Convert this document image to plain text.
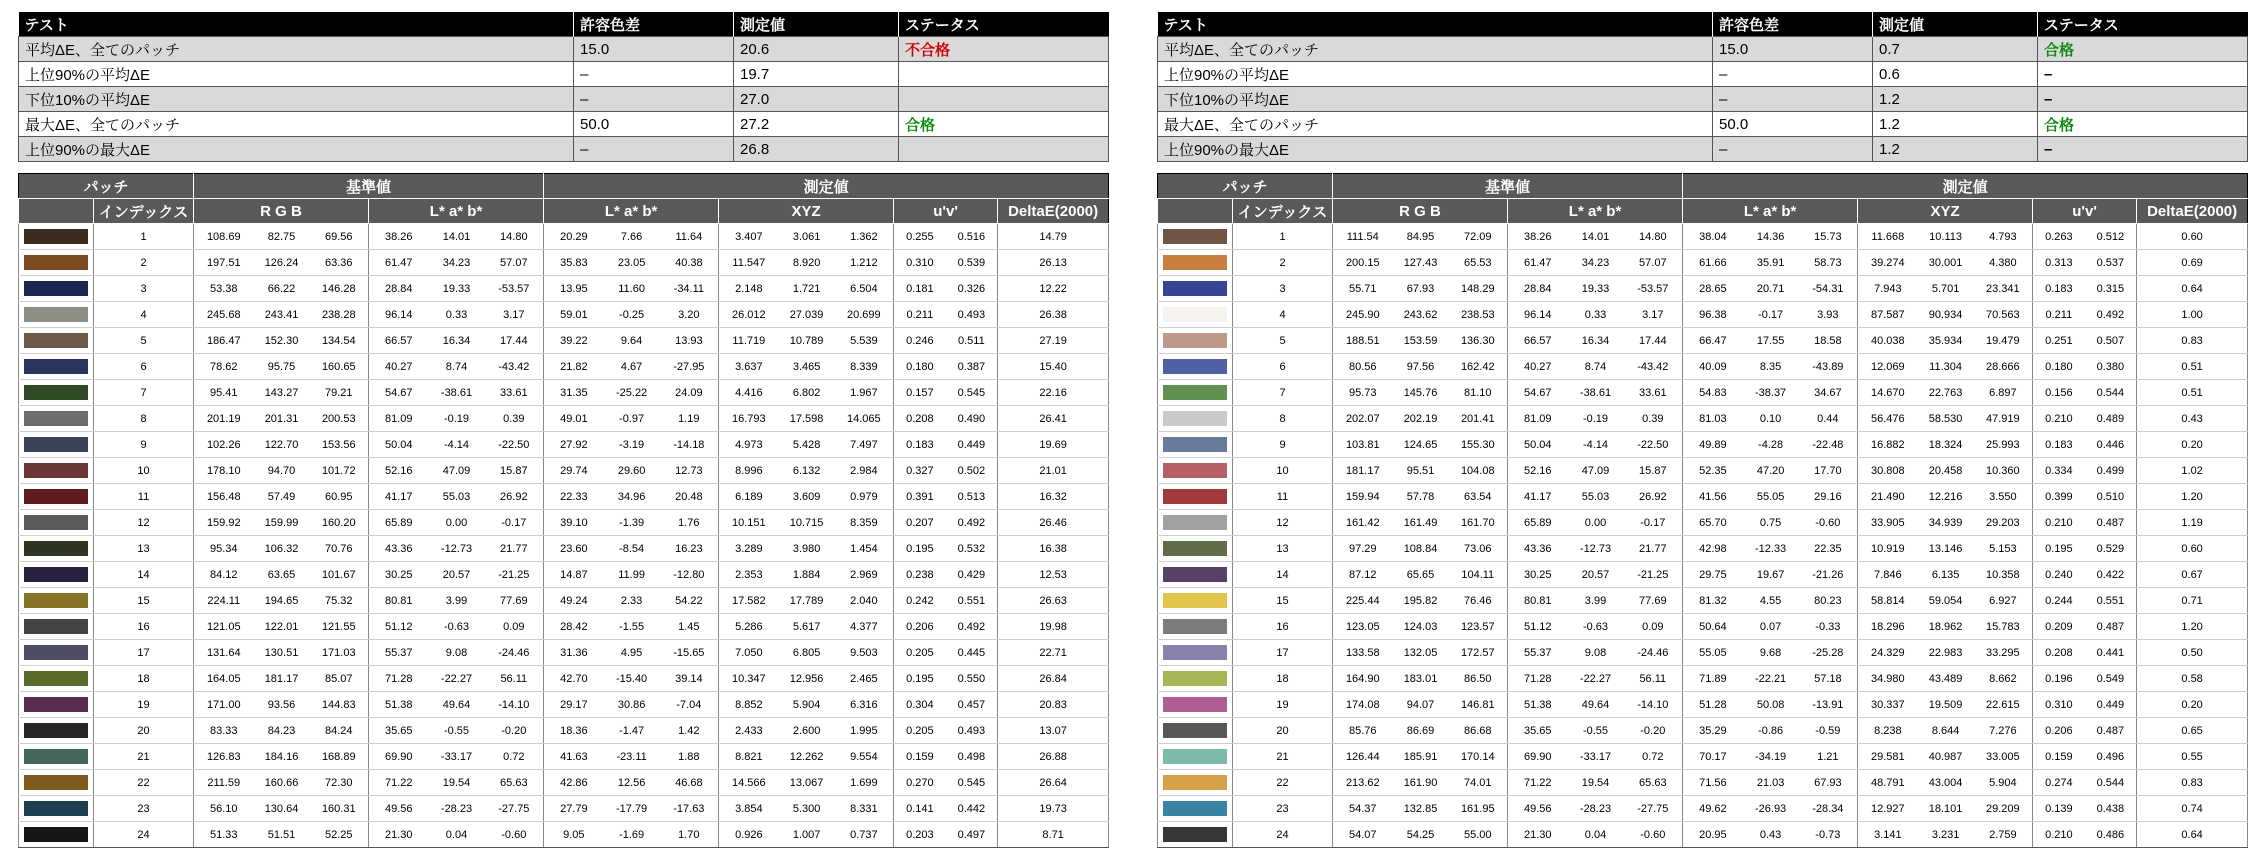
テスト	許容色差	測定値	ステータス
平均ΔE、全てのパッチ	15.0	20.6	不合格
上位90%の平均ΔE	–	19.7	
下位10%の平均ΔE	–	27.0	
最大ΔE、全てのパッチ	50.0	27.2	合格
上位90%の最大ΔE	–	26.8	
パッチ		基準値						測定値								
	インデックス	R G B			L* a* b*			L* a* b*			XYZ			u'v'		DeltaE(2000)
	1	108.69	82.75	69.56	38.26	14.01	14.80	20.29	7.66	11.64	3.407	3.061	1.362	0.255	0.516	14.79
	2	197.51	126.24	63.36	61.47	34.23	57.07	35.83	23.05	40.38	11.547	8.920	1.212	0.310	0.539	26.13
	3	53.38	66.22	146.28	28.84	19.33	-53.57	13.95	11.60	-34.11	2.148	1.721	6.504	0.181	0.326	12.22
	4	245.68	243.41	238.28	96.14	0.33	3.17	59.01	-0.25	3.20	26.012	27.039	20.699	0.211	0.493	26.38
	5	186.47	152.30	134.54	66.57	16.34	17.44	39.22	9.64	13.93	11.719	10.789	5.539	0.246	0.511	27.19
	6	78.62	95.75	160.65	40.27	8.74	-43.42	21.82	4.67	-27.95	3.637	3.465	8.339	0.180	0.387	15.40
	7	95.41	143.27	79.21	54.67	-38.61	33.61	31.35	-25.22	24.09	4.416	6.802	1.967	0.157	0.545	22.16
	8	201.19	201.31	200.53	81.09	-0.19	0.39	49.01	-0.97	1.19	16.793	17.598	14.065	0.208	0.490	26.41
	9	102.26	122.70	153.56	50.04	-4.14	-22.50	27.92	-3.19	-14.18	4.973	5.428	7.497	0.183	0.449	19.69
	10	178.10	94.70	101.72	52.16	47.09	15.87	29.74	29.60	12.73	8.996	6.132	2.984	0.327	0.502	21.01
	11	156.48	57.49	60.95	41.17	55.03	26.92	22.33	34.96	20.48	6.189	3.609	0.979	0.391	0.513	16.32
	12	159.92	159.99	160.20	65.89	0.00	-0.17	39.10	-1.39	1.76	10.151	10.715	8.359	0.207	0.492	26.46
	13	95.34	106.32	70.76	43.36	-12.73	21.77	23.60	-8.54	16.23	3.289	3.980	1.454	0.195	0.532	16.38
	14	84.12	63.65	101.67	30.25	20.57	-21.25	14.87	11.99	-12.80	2.353	1.884	2.969	0.238	0.429	12.53
	15	224.11	194.65	75.32	80.81	3.99	77.69	49.24	2.33	54.22	17.582	17.789	2.040	0.242	0.551	26.63
	16	121.05	122.01	121.55	51.12	-0.63	0.09	28.42	-1.55	1.45	5.286	5.617	4.377	0.206	0.492	19.98
	17	131.64	130.51	171.03	55.37	9.08	-24.46	31.36	4.95	-15.65	7.050	6.805	9.503	0.205	0.445	22.71
	18	164.05	181.17	85.07	71.28	-22.27	56.11	42.70	-15.40	39.14	10.347	12.956	2.465	0.195	0.550	26.84
	19	171.00	93.56	144.83	51.38	49.64	-14.10	29.17	30.86	-7.04	8.852	5.904	6.316	0.304	0.457	20.83
	20	83.33	84.23	84.24	35.65	-0.55	-0.20	18.36	-1.47	1.42	2.433	2.600	1.995	0.205	0.493	13.07
	21	126.83	184.16	168.89	69.90	-33.17	0.72	41.63	-23.11	1.88	8.821	12.262	9.554	0.159	0.498	26.88
	22	211.59	160.66	72.30	71.22	19.54	65.63	42.86	12.56	46.68	14.566	13.067	1.699	0.270	0.545	26.64
	23	56.10	130.64	160.31	49.56	-28.23	-27.75	27.79	-17.79	-17.63	3.854	5.300	8.331	0.141	0.442	19.73
	24	51.33	51.51	52.25	21.30	0.04	-0.60	9.05	-1.69	1.70	0.926	1.007	0.737	0.203	0.497	8.71
テスト	許容色差	測定値	ステータス
平均ΔE、全てのパッチ	15.0	0.7	合格
上位90%の平均ΔE	–	0.6	–
下位10%の平均ΔE	–	1.2	–
最大ΔE、全てのパッチ	50.0	1.2	合格
上位90%の最大ΔE	–	1.2	–
パッチ		基準値						測定値								
	インデックス	R G B			L* a* b*			L* a* b*			XYZ			u'v'		DeltaE(2000)
	1	111.54	84.95	72.09	38.26	14.01	14.80	38.04	14.36	15.73	11.668	10.113	4.793	0.263	0.512	0.60
	2	200.15	127.43	65.53	61.47	34.23	57.07	61.66	35.91	58.73	39.274	30.001	4.380	0.313	0.537	0.69
	3	55.71	67.93	148.29	28.84	19.33	-53.57	28.65	20.71	-54.31	7.943	5.701	23.341	0.183	0.315	0.64
	4	245.90	243.62	238.53	96.14	0.33	3.17	96.38	-0.17	3.93	87.587	90.934	70.563	0.211	0.492	1.00
	5	188.51	153.59	136.30	66.57	16.34	17.44	66.47	17.55	18.58	40.038	35.934	19.479	0.251	0.507	0.83
	6	80.56	97.56	162.42	40.27	8.74	-43.42	40.09	8.35	-43.89	12.069	11.304	28.666	0.180	0.380	0.51
	7	95.73	145.76	81.10	54.67	-38.61	33.61	54.83	-38.37	34.67	14.670	22.763	6.897	0.156	0.544	0.51
	8	202.07	202.19	201.41	81.09	-0.19	0.39	81.03	0.10	0.44	56.476	58.530	47.919	0.210	0.489	0.43
	9	103.81	124.65	155.30	50.04	-4.14	-22.50	49.89	-4.28	-22.48	16.882	18.324	25.993	0.183	0.446	0.20
	10	181.17	95.51	104.08	52.16	47.09	15.87	52.35	47.20	17.70	30.808	20.458	10.360	0.334	0.499	1.02
	11	159.94	57.78	63.54	41.17	55.03	26.92	41.56	55.05	29.16	21.490	12.216	3.550	0.399	0.510	1.20
	12	161.42	161.49	161.70	65.89	0.00	-0.17	65.70	0.75	-0.60	33.905	34.939	29.203	0.210	0.487	1.19
	13	97.29	108.84	73.06	43.36	-12.73	21.77	42.98	-12.33	22.35	10.919	13.146	5.153	0.195	0.529	0.60
	14	87.12	65.65	104.11	30.25	20.57	-21.25	29.75	19.67	-21.26	7.846	6.135	10.358	0.240	0.422	0.67
	15	225.44	195.82	76.46	80.81	3.99	77.69	81.32	4.55	80.23	58.814	59.054	6.927	0.244	0.551	0.71
	16	123.05	124.03	123.57	51.12	-0.63	0.09	50.64	0.07	-0.33	18.296	18.962	15.783	0.209	0.487	1.20
	17	133.58	132.05	172.57	55.37	9.08	-24.46	55.05	9.68	-25.28	24.329	22.983	33.295	0.208	0.441	0.50
	18	164.90	183.01	86.50	71.28	-22.27	56.11	71.89	-22.21	57.18	34.980	43.489	8.662	0.196	0.549	0.58
	19	174.08	94.07	146.81	51.38	49.64	-14.10	51.28	50.08	-13.91	30.337	19.509	22.615	0.310	0.449	0.20
	20	85.76	86.69	86.68	35.65	-0.55	-0.20	35.29	-0.86	-0.59	8.238	8.644	7.276	0.206	0.487	0.65
	21	126.44	185.91	170.14	69.90	-33.17	0.72	70.17	-34.19	1.21	29.581	40.987	33.005	0.159	0.496	0.55
	22	213.62	161.90	74.01	71.22	19.54	65.63	71.56	21.03	67.93	48.791	43.004	5.904	0.274	0.544	0.83
	23	54.37	132.85	161.95	49.56	-28.23	-27.75	49.62	-26.93	-28.34	12.927	18.101	29.209	0.139	0.438	0.74
	24	54.07	54.25	55.00	21.30	0.04	-0.60	20.95	0.43	-0.73	3.141	3.231	2.759	0.210	0.486	0.64
